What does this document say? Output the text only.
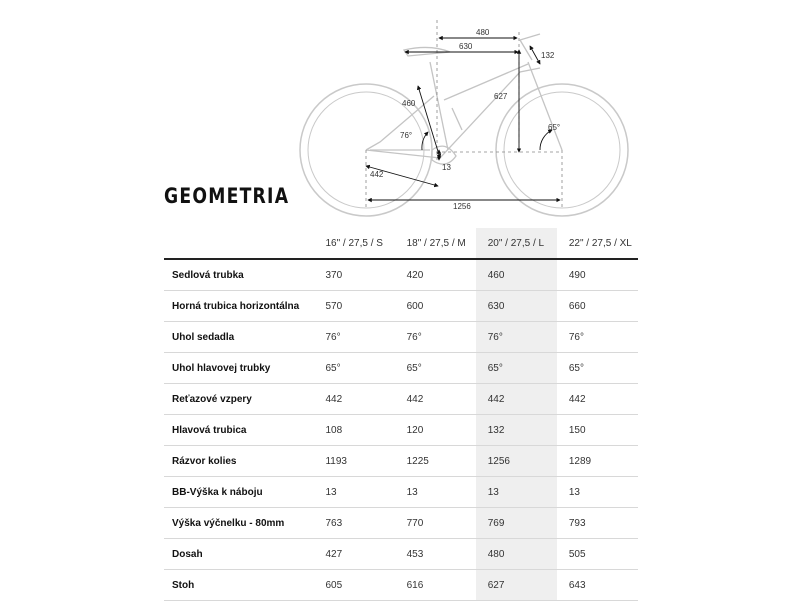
480
630
132
460
627
76°
65°
13
442
1256
GEOMETRIA
	16" / 27,5 / S	18" / 27,5 / M	20" / 27,5 / L	22" / 27,5 / XL
Sedlová trubka	370	420	460	490
Horná trubica horizontálna	570	600	630	660
Uhol sedadla	76°	76°	76°	76°
Uhol hlavovej trubky	65°	65°	65°	65°
Reťazové vzpery	442	442	442	442
Hlavová trubica	108	120	132	150
Rázvor kolies	1193	1225	1256	1289
BB-Výška k náboju	13	13	13	13
Výška výčnelku - 80mm	763	770	769	793
Dosah	427	453	480	505
Stoh	605	616	627	643
